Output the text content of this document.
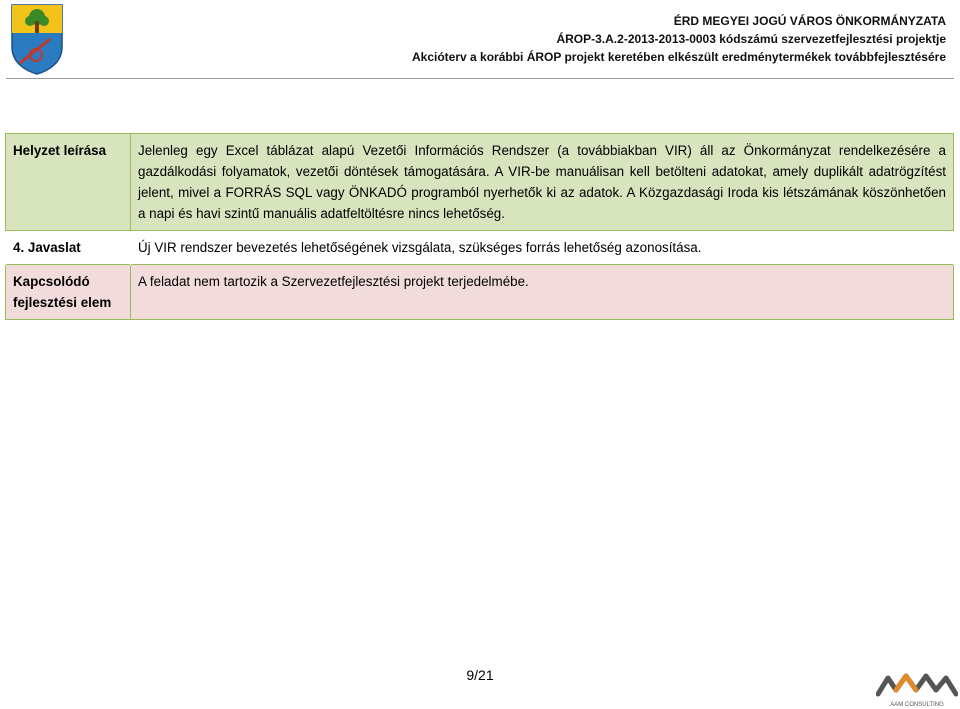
ÉRD MEGYEI JOGÚ VÁROS ÖNKORMÁNYZATA
ÁROP-3.A.2-2013-2013-0003 kódszámú szervezetfejlesztési projektje
Akcióterv a korábbi ÁROP projekt keretében elkészült eredménytermékek továbbfejlesztésére
Helyzet leírása	Jelenleg egy Excel táblázat alapú Vezetői Információs Rendszer (a továbbiakban VIR) áll az Önkormányzat rendelkezésére a gazdálkodási folyamatok, vezetői döntések támogatására. A VIR-be manuálisan kell betölteni adatokat, amely duplikált adatrögzítést jelent, mivel a FORRÁS SQL vagy ÖNKADÓ programból nyerhetők ki az adatok. A Közgazdasági Iroda kis létszámának köszönhetően a napi és havi szintű manuális adatfeltöltésre nincs lehetőség.
4. Javaslat	Új VIR rendszer bevezetés lehetőségének vizsgálata, szükséges forrás lehetőség azonosítása.
Kapcsolódó fejlesztési elem	A feladat nem tartozik a Szervezetfejlesztési projekt terjedelmébe.
9/21
AAM CONSULTING
